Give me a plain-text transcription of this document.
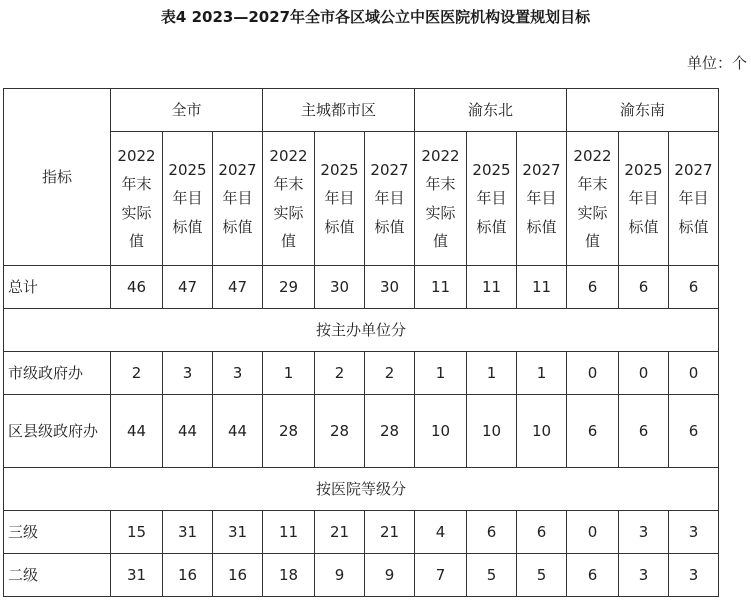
表4 2023—2027年全市各区域公立中医医院机构设置规划目标
单位：个
指标	全市			主城都市区			渝东北			渝东南		
	2022
年末
实际
值	2025
年目
标值	2027
年目
标值	2022
年末
实际
值	2025
年目
标值	2027
年目
标值	2022
年末
实际
值	2025
年目
标值	2027
年目
标值	2022
年末
实际
值	2025
年目
标值	2027
年目
标值
总计	46	47	47	29	30	30	11	11	11	6	6	6
按主办单位分												
市级政府办	2	3	3	1	2	2	1	1	1	0	0	0
区县级政府办	44	44	44	28	28	28	10	10	10	6	6	6
按医院等级分												
三级	15	31	31	11	21	21	4	6	6	0	3	3
二级	31	16	16	18	9	9	7	5	5	6	3	3
